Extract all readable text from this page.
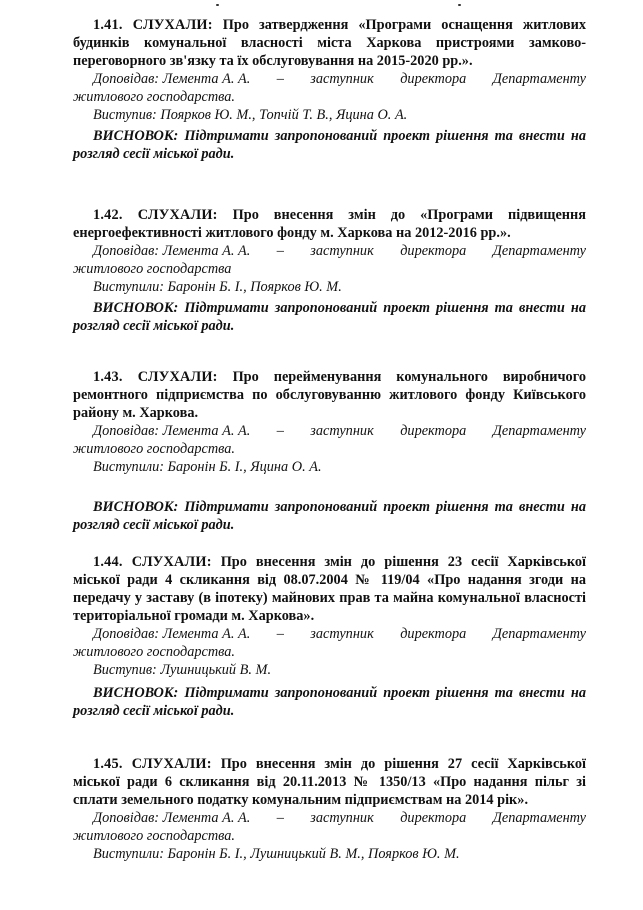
1.41. СЛУХАЛИ: Про затвердження «Програми оснащення житлових будинків комунальної власності міста Харкова пристроями замково-переговорного зв'язку та їх обслуговування на 2015-2020 рр.».

Доповідав: Лемента А. А. – заступник директора Департаменту

житлового господарства.

Виступив: Поярков Ю. М., Топчій Т. В., Яцина О. А.

ВИСНОВОК: Підтримати запропонований проект рішення та внести на розгляд сесії міської ради.

1.42. СЛУХАЛИ: Про внесення змін до «Програми підвищення енергоефективності житлового фонду м. Харкова на 2012-2016 рр.».

Доповідав: Лемента А. А. – заступник директора Департаменту

житлового господарства

Виступили: Баронін Б. І., Поярков Ю. М.

ВИСНОВОК: Підтримати запропонований проект рішення та внести на розгляд сесії міської ради.

1.43. СЛУХАЛИ: Про перейменування комунального виробничого ремонтного підприємства по обслуговуванню житлового фонду Київського району м. Харкова.

Доповідав: Лемента А. А. – заступник директора Департаменту

житлового господарства.

Виступили: Баронін Б. І., Яцина О. А.

ВИСНОВОК: Підтримати запропонований проект рішення та внести на розгляд сесії міської ради.

1.44. СЛУХАЛИ: Про внесення змін до рішення 23 сесії Харківської міської ради 4 скликання від 08.07.2004 № 119/04 «Про надання згоди на передачу у заставу (в іпотеку) майнових прав та майна комунальної власності територіальної громади м. Харкова».

Доповідав: Лемента А. А. – заступник директора Департаменту

житлового господарства.

Виступив: Лушницький В. М.

ВИСНОВОК: Підтримати запропонований проект рішення та внести на розгляд сесії міської ради.

1.45. СЛУХАЛИ: Про внесення змін до рішення 27 сесії Харківської міської ради 6 скликання від 20.11.2013 № 1350/13 «Про надання пільг зі сплати земельного податку комунальним підприємствам на 2014 рік».

Доповідав: Лемента А. А. – заступник директора Департаменту

житлового господарства.

Виступили: Баронін Б. І., Лушницький В. М., Поярков Ю. М.
